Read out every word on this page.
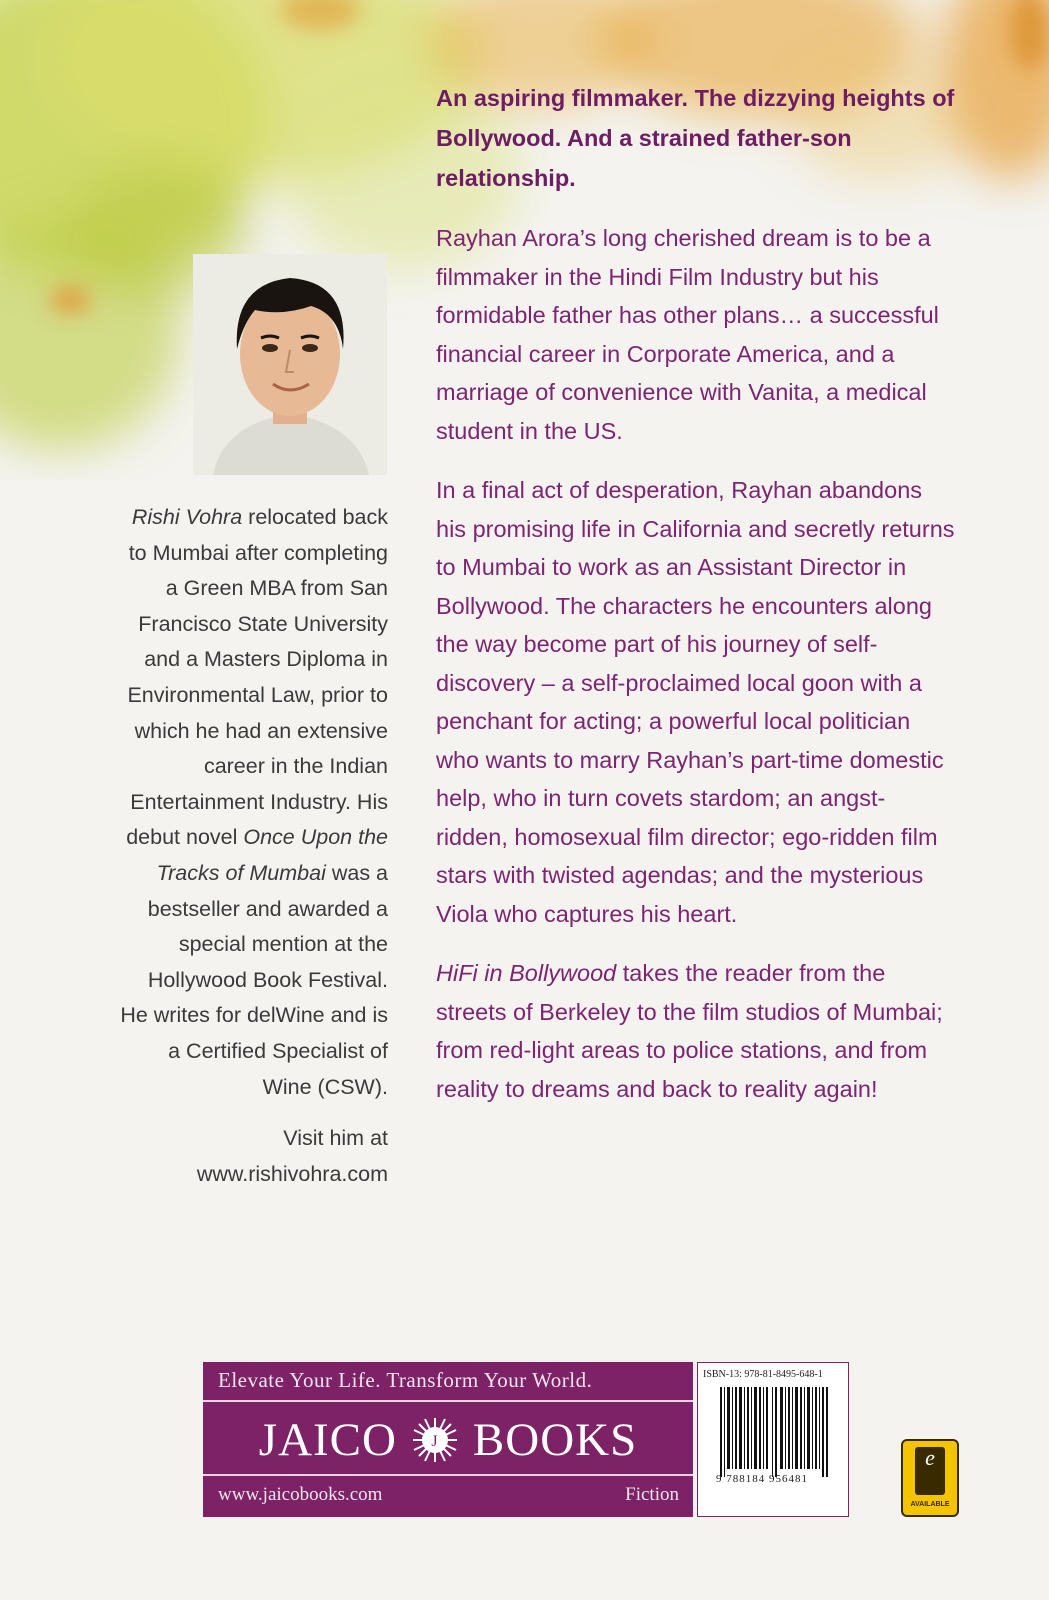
Rishi Vohra relocated back to Mumbai after completing a Green MBA from San Francisco State University and a Masters Diploma in Environmental Law, prior to which he had an extensive career in the Indian Entertainment Industry. His debut novel Once Upon the Tracks of Mumbai was a bestseller and awarded a special mention at the Hollywood Book Festival. He writes for delWine and is a Certified Specialist of Wine (CSW).

Visit him at
www.rishivohra.com

An aspiring filmmaker. The dizzying heights of Bollywood. And a strained father-son relationship.

Rayhan Arora’s long cherished dream is to be a filmmaker in the Hindi Film Industry but his formidable father has other plans… a successful financial career in Corporate America, and a marriage of convenience with Vanita, a medical student in the US.

In a final act of desperation, Rayhan abandons his promising life in California and secretly returns to Mumbai to work as an Assistant Director in Bollywood. The characters he encounters along the way become part of his journey of self-discovery – a self-proclaimed local goon with a penchant for acting; a powerful local politician who wants to marry Rayhan’s part-time domestic help, who in turn covets stardom; an angst-ridden, homosexual film director; ego-ridden film stars with twisted agendas; and the mysterious Viola who captures his heart.

HiFi in Bollywood takes the reader from the streets of Berkeley to the film studios of Mumbai; from red-light areas to police stations, and from reality to dreams and back to reality again!

Elevate Your Life. Transform Your World.
JAICO J BOOKS
www.jaicobooks.com	Fiction
ISBN-13: 978-81-8495-648-1
9 788184 956481
e
Book
AVAILABLE
